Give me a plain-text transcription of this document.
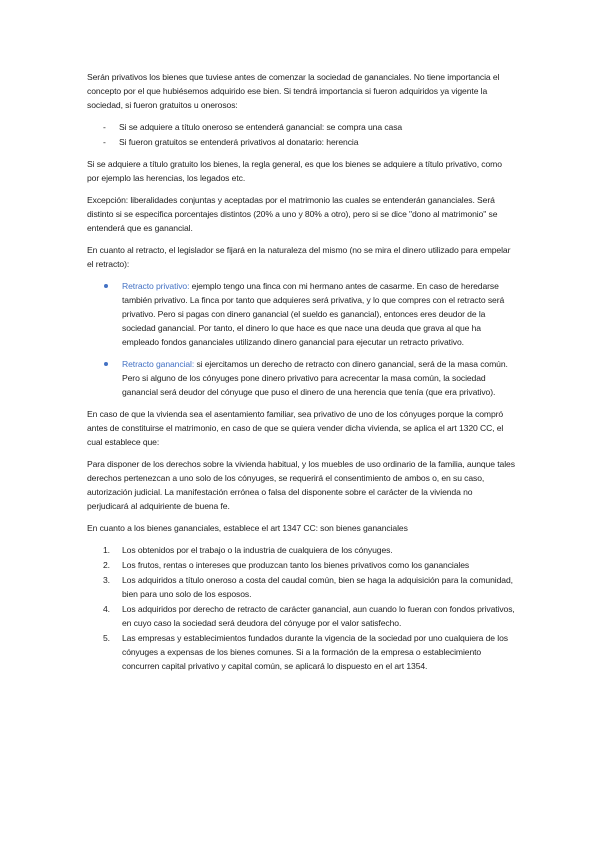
Serán privativos los bienes que tuviese antes de comenzar la sociedad de gananciales. No tiene importancia el concepto por el que hubiésemos adquirido ese bien. Si tendrá importancia si fueron adquiridos ya vigente la sociedad, si fueron gratuitos u onerosos:

- Si se adquiere a título oneroso se entenderá ganancial: se compra una casa
- Si fueron gratuitos se entenderá privativos al donatario: herencia

Si se adquiere a título gratuito los bienes, la regla general, es que los bienes se adquiere a título privativo, como por ejemplo las herencias, los legados etc.

Excepción: liberalidades conjuntas y aceptadas por el matrimonio las cuales se entenderán gananciales. Será distinto si se especifica porcentajes distintos (20% a uno y 80% a otro), pero si se dice "dono al matrimonio" se entenderá que es ganancial.

En cuanto al retracto, el legislador se fijará en la naturaleza del mismo (no se mira el dinero utilizado para empelar el retracto):

Retracto privativo: ejemplo tengo una finca con mi hermano antes de casarme. En caso de heredarse también privativo. La finca por tanto que adquieres será privativa, y lo que compres con el retracto será privativo. Pero si pagas con dinero ganancial (el sueldo es ganancial), entonces eres deudor de la sociedad ganancial. Por tanto, el dinero lo que hace es que nace una deuda que grava al que ha empleado fondos gananciales utilizando dinero ganancial para ejecutar un retracto privativo.
Retracto ganancial: si ejercitamos un derecho de retracto con dinero ganancial, será de la masa común. Pero si alguno de los cónyuges pone dinero privativo para acrecentar la masa común, la sociedad ganancial será deudor del cónyuge que puso el dinero de una herencia que tenía (que era privativo).

En caso de que la vivienda sea el asentamiento familiar, sea privativo de uno de los cónyuges porque la compró antes de constituirse el matrimonio, en caso de que se quiera vender dicha vivienda, se aplica el art 1320 CC, el cual establece que:

Para disponer de los derechos sobre la vivienda habitual, y los muebles de uso ordinario de la familia, aunque tales derechos pertenezcan a uno solo de los cónyuges, se requerirá el consentimiento de ambos o, en su caso, autorización judicial. La manifestación errónea o falsa del disponente sobre el carácter de la vivienda no perjudicará al adquiriente de buena fe.

En cuanto a los bienes gananciales, establece el art 1347 CC: son bienes gananciales

1. Los obtenidos por el trabajo o la industria de cualquiera de los cónyuges.
2. Los frutos, rentas o intereses que produzcan tanto los bienes privativos como los gananciales
3. Los adquiridos a título oneroso a costa del caudal común, bien se haga la adquisición para la comunidad, bien para uno solo de los esposos.
4. Los adquiridos por derecho de retracto de carácter ganancial, aun cuando lo fueran con fondos privativos, en cuyo caso la sociedad será deudora del cónyuge por el valor satisfecho.
5. Las empresas y establecimientos fundados durante la vigencia de la sociedad por uno cualquiera de los cónyuges a expensas de los bienes comunes. Si a la formación de la empresa o establecimiento concurren capital privativo y capital común, se aplicará lo dispuesto en el art 1354.
